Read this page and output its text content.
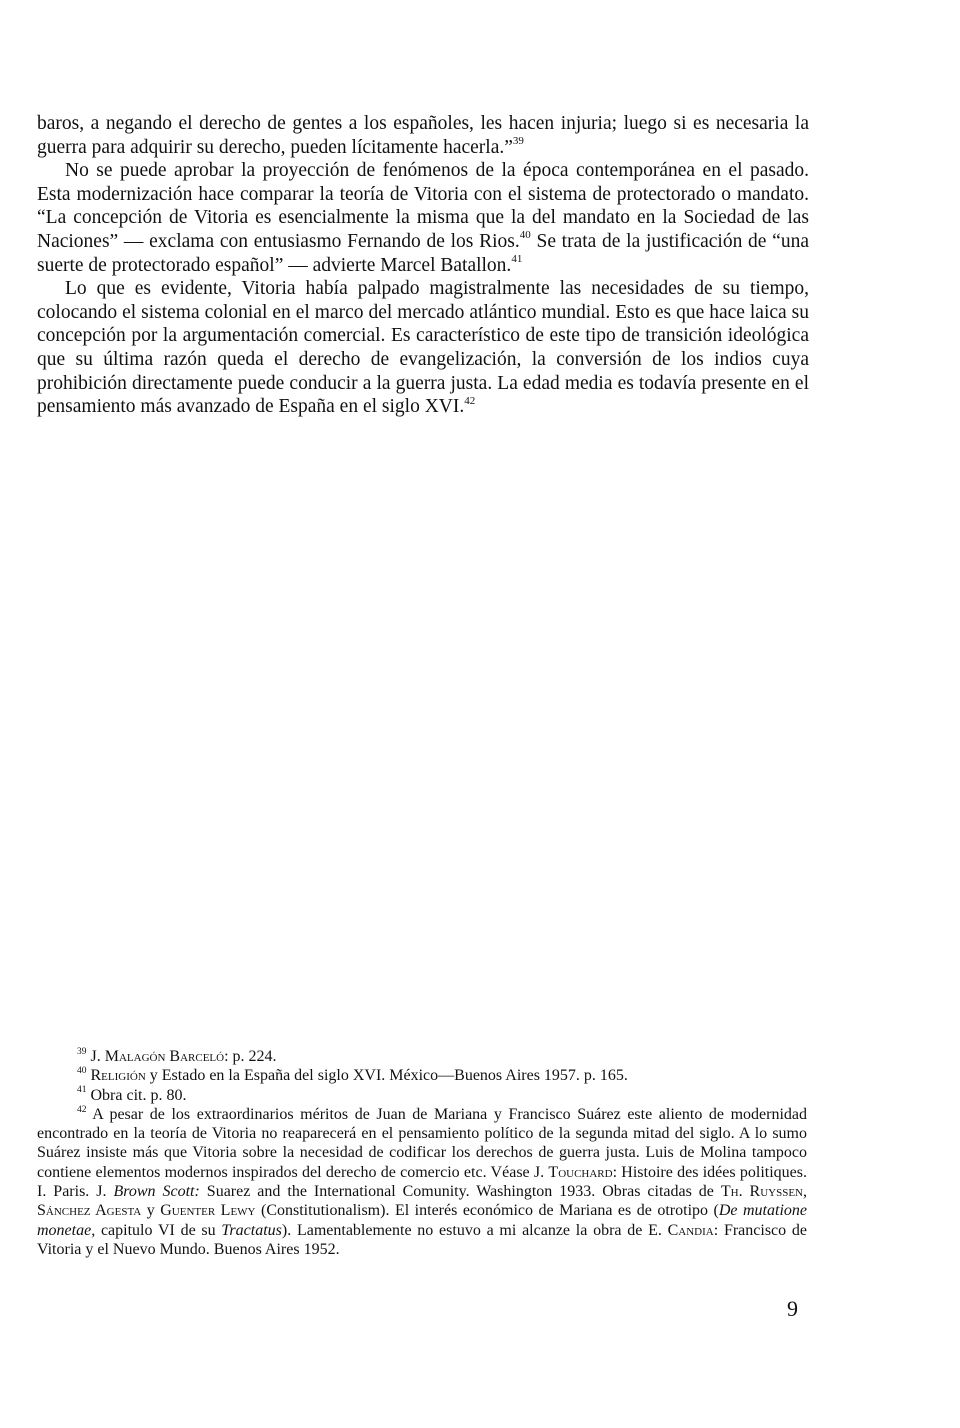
baros, a negando el derecho de gentes a los españoles, les hacen injuria; luego si es necesaria la guerra para adquirir su derecho, pueden lícitamente hacerla.”$^{39}$

No se puede aprobar la proyección de fenómenos de la época contemporánea en el pasado. Esta modernización hace comparar la teoría de Vitoria con el sistema de protectorado o mandato. “La concepción de Vitoria es esencialmente la misma que la del mandato en la Sociedad de las Naciones” — exclama con entusiasmo Fernando de los Rios.$^{40}$ Se trata de la justificación de “una suerte de protectorado español” — advierte Marcel Batallon.$^{41}$

Lo que es evidente, Vitoria había palpado magistralmente las necesidades de su tiempo, colocando el sistema colonial en el marco del mercado atlántico mundial. Esto es que hace laica su concepción por la argumentación comercial. Es característico de este tipo de transición ideológica que su última razón queda el derecho de evangelización, la conversión de los indios cuya prohibición directamente puede conducir a la guerra justa. La edad media es todavía presente en el pensamiento más avanzado de España en el siglo XVI.$^{42}$

$^{39}$ J. Malagón Barceló: p. 224.

$^{40}$ Religión y Estado en la España del siglo XVI. México—Buenos Aires 1957. p. 165.

$^{41}$ Obra cit. p. 80.

$^{42}$ A pesar de los extraordinarios méritos de Juan de Mariana y Francisco Suárez este aliento de modernidad encontrado en la teoría de Vitoria no reaparecerá en el pensamiento político de la segunda mitad del siglo. A lo sumo Suárez insiste más que Vitoria sobre la necesidad de codificar los derechos de guerra justa. Luis de Molina tampoco contiene elementos modernos inspirados del derecho de comercio etc. Véase J. Touchard: Histoire des idées politiques. I. Paris. J. Brown Scott: Suarez and the International Comunity. Washington 1933. Obras citadas de Th. Ruyssen, Sánchez Agesta y Guenter Lewy (Constitutionalism). El interés económico de Mariana es de otrotipo (De mutatione monetae, capitulo VI de su Tractatus). Lamentablemente no estuvo a mi alcanze la obra de E. Candia: Francisco de Vitoria y el Nuevo Mundo. Buenos Aires 1952.

9
